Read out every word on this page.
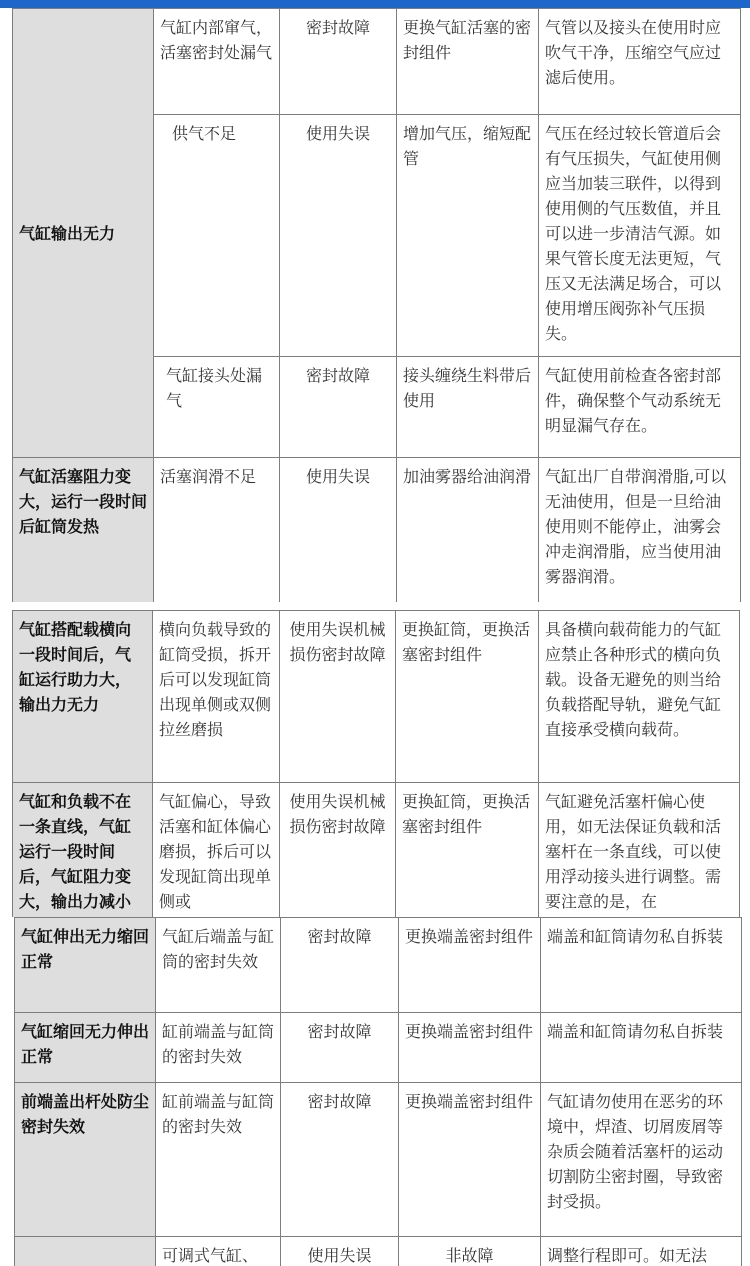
气缸输出无力	气缸内部窜气，活塞密封处漏气	密封故障	更换气缸活塞的密封组件	气管以及接头在使用时应吹气干净，压缩空气应过滤后使用。
	供气不足	使用失误	增加气压，缩短配管	气压在经过较长管道后会有气压损失，气缸使用侧应当加装三联件，以得到使用侧的气压数值，并且可以进一步清洁气源。如果气管长度无法更短，气压又无法满足场合，可以使用增压阀弥补气压损失。
	气缸接头处漏气	密封故障	接头缠绕生料带后使用	气缸使用前检查各密封部件，确保整个气动系统无明显漏气存在。
气缸活塞阻力变大，运行一段时间后缸筒发热	活塞润滑不足	使用失误	加油雾器给油润滑	气缸出厂自带润滑脂,可以无油使用，但是一旦给油使用则不能停止，油雾会冲走润滑脂，应当使用油雾器润滑。
气缸搭配载横向一段时间后，气缸运行助力大，输出力无力	横向负载导致的缸筒受损，拆开后可以发现缸筒出现单侧或双侧拉丝磨损	使用失误机械损伤密封故障	更换缸筒，更换活塞密封组件	具备横向载荷能力的气缸应禁止各种形式的横向负载。设备无避免的则当给负载搭配导轨，避免气缸直接承受横向载荷。
气缸和负载不在一条直线，气缸运行一段时间后，气缸阻力变大，输出力减小	气缸偏心，导致活塞和缸体偏心磨损，拆后可以发现缸筒出现单侧或	使用失误机械损伤密封故障	更换缸筒，更换活塞密封组件	气缸避免活塞杆偏心使用，如无法保证负载和活塞杆在一条直线，可以使用浮动接头进行调整。需要注意的是，在
气缸伸出无力缩回正常	气缸后端盖与缸筒的密封失效	密封故障	更换端盖密封组件	端盖和缸筒请勿私自拆装
气缸缩回无力伸出正常	缸前端盖与缸筒的密封失效	密封故障	更换端盖密封组件	端盖和缸筒请勿私自拆装
前端盖出杆处防尘密封失效	缸前端盖与缸筒的密封失效	密封故障	更换端盖密封组件	气缸请勿使用在恶劣的环境中，焊渣、切屑废屑等杂质会随着活塞杆的运动切割防尘密封圈，导致密封受损。
	可调式气缸、	使用失误	非故障	调整行程即可。如无法
